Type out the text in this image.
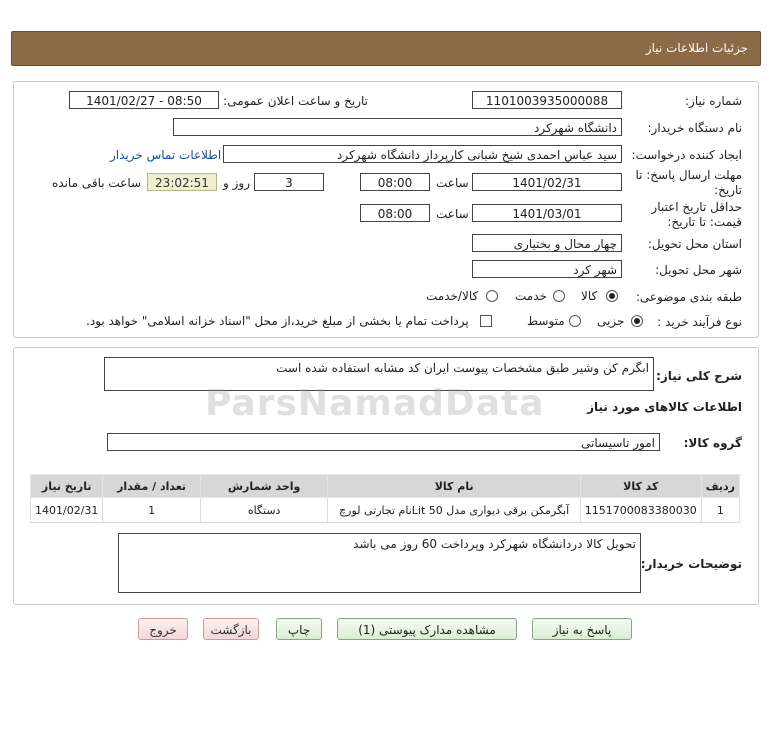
جزئیات اطلاعات نیاز
شماره نیاز:
1101003935000088
تاریخ و ساعت اعلان عمومی:
1401/02/27 - 08:50
نام دستگاه خریدار:
دانشگاه شهرکرد
ایجاد کننده درخواست:
سید عباس احمدی شیخ شبانی کارپرداز دانشگاه شهرکرد
اطلاعات تماس خریدار
مهلت ارسال پاسخ: تا تاریخ:
1401/02/31
ساعت
08:00
3
روز و
23:02:51
ساعت باقی مانده
حداقل تاریخ اعتبار
قیمت: تا تاریخ:
1401/03/01
ساعت
08:00
استان محل تحویل:
چهار محال و بختیاری
شهر محل تحویل:
شهر کرد
طبقه بندی موضوعی:
کالا
خدمت
کالا/خدمت
نوع فرآیند خرید :
جزیی
متوسط
پرداخت تمام یا بخشی از مبلغ خرید،از محل "اسناد خزانه اسلامی" خواهد بود.
شرح کلی نیاز:
ابگرم کن وشیر طبق مشخصات پیوست ایران کد مشابه استفاده شده است
اطلاعات کالاهای مورد نیاز
گروه کالا:
امور تاسیساتی
ردیف	کد کالا	نام کالا	واحد شمارش	تعداد / مقدار	تاریخ نیاز
1	1151700083380030	آبگرمکن برقی دیواری مدل Lit 50نام تجارتی لورچ	دستگاه	1	1401/02/31
توضیحات خریدار:
تحویل کالا دردانشگاه شهرکرد وپرداخت 60 روز می باشد
ParsNamadData
پاسخ به نیاز
مشاهده مدارک پیوستی (1)
چاپ
بازگشت
خروج
